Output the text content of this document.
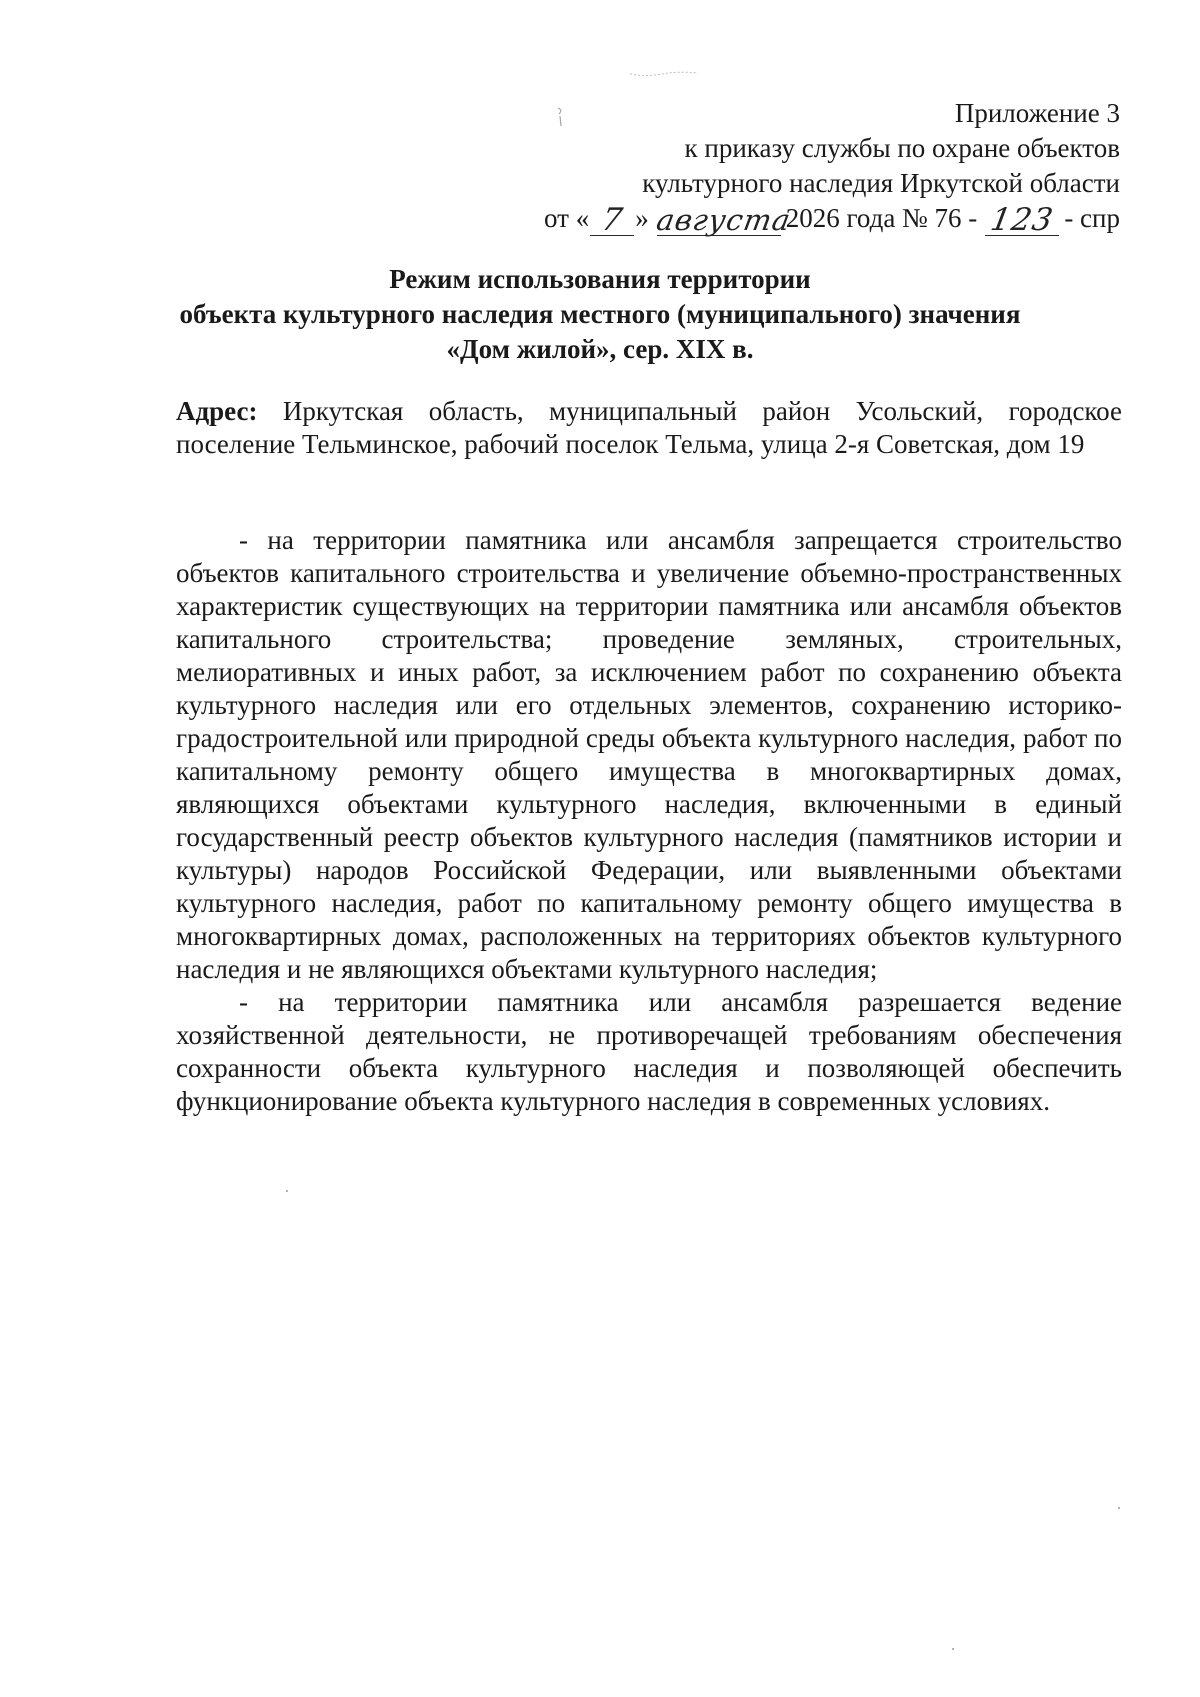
Приложение 3
к приказу службы по охране объектов
культурного наследия Иркутской области
от « 7 » августа
2026 года № 76 - 123 - спр
Режим использования территории
объекта культурного наследия местного (муниципального) значения
«Дом жилой», сер. XIX в.
Адрес: Иркутская область, муниципальный район Усольский, городское поселение Тельминское, рабочий поселок Тельма, улица 2-я Советская, дом 19

- на территории памятника или ансамбля запрещается строительство объектов капитального строительства и увеличение объемно-пространственных характеристик существующих на территории памятника или ансамбля объектов капитального строительства; проведение земляных, строительных, мелиоративных и иных работ, за исключением работ по сохранению объекта культурного наследия или его отдельных элементов, сохранению историко-градостроительной или природной среды объекта культурного наследия, работ по капитальному ремонту общего имущества в многоквартирных домах, являющихся объектами культурного наследия, включенными в единый государственный реестр объектов культурного наследия (памятников истории и культуры) народов Российской Федерации, или выявленными объектами культурного наследия, работ по капитальному ремонту общего имущества в многоквартирных домах, расположенных на территориях объектов культурного наследия и не являющихся объектами культурного наследия;

- на территории памятника или ансамбля разрешается ведение хозяйственной деятельности, не противоречащей требованиям обеспечения сохранности объекта культурного наследия и позволяющей обеспечить функционирование объекта культурного наследия в современных условиях.
